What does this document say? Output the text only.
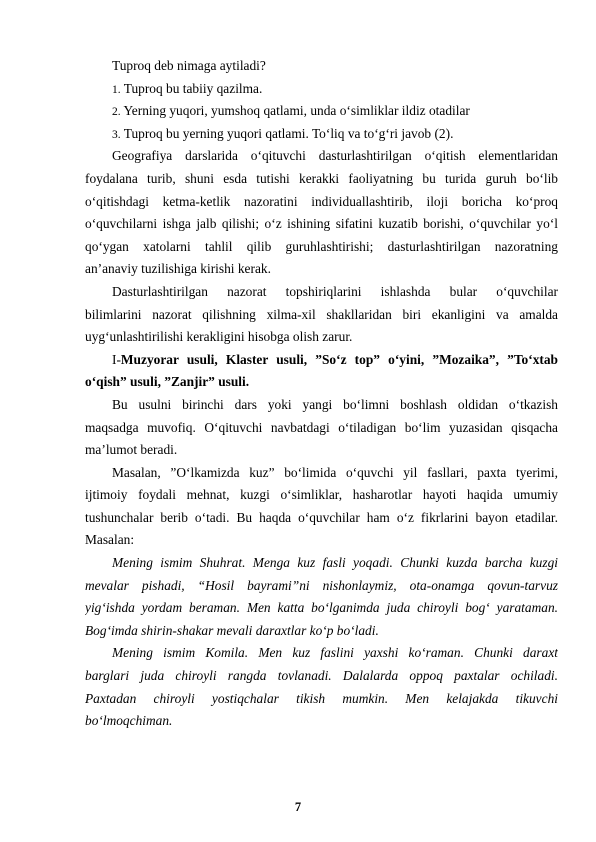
Tuproq deb nimaga aytiladi?
1. Tuproq bu tabiiy qazilma.
2. Yerning yuqori, yumshoq qatlami, unda o‘simliklar ildiz otadilar
3. Tuproq bu yerning yuqori qatlami. To‘liq va to‘g‘ri javob (2).
Geografiya darslarida o‘qituvchi dasturlashtirilgan o‘qitish elementlaridan
foydalana turib, shuni esda tutishi kerakki faoliyatning bu turida guruh bo‘lib
o‘qitishdagi ketma-ketlik nazoratini individuallashtirib, iloji boricha ko‘proq
o‘quvchilarni ishga jalb qilishi; o‘z ishining sifatini kuzatib borishi, o‘quvchilar yo‘l
qo‘ygan xatolarni tahlil qilib guruhlashtirishi; dasturlashtirilgan nazoratning
an’anaviy tuzilishiga kirishi kerak.
Dasturlashtirilgan nazorat topshiriqlarini ishlashda bular o‘quvchilar
bilimlarini nazorat qilishning xilma-xil shakllaridan biri ekanligini va amalda
uyg‘unlashtirilishi kerakligini hisobga olish zarur.
I-Muzyorar usuli, Klaster usuli, ”So‘z top” o‘yini, ”Mozaika”, ”To‘xtab
o‘qish” usuli, ”Zanjir” usuli.
Bu usulni birinchi dars yoki yangi bo‘limni boshlash oldidan o‘tkazish
maqsadga muvofiq. O‘qituvchi navbatdagi o‘tiladigan bo‘lim yuzasidan qisqacha
ma’lumot beradi.
Masalan, ”O‘lkamizda kuz” bo‘limida o‘quvchi yil fasllari, paxta tyerimi,
ijtimoiy foydali mehnat, kuzgi o‘simliklar, hasharotlar hayoti haqida umumiy
tushunchalar berib o‘tadi. Bu haqda o‘quvchilar ham o‘z fikrlarini bayon etadilar.
Masalan:
Mening ismim Shuhrat. Menga kuz fasli yoqadi. Chunki kuzda barcha kuzgi
mevalar pishadi, “Hosil bayrami”ni nishonlaymiz, ota-onamga qovun-tarvuz
yig‘ishda yordam beraman. Men katta bo‘lganimda juda chiroyli bog‘ yarataman.
Bog‘imda shirin-shakar mevali daraxtlar ko‘p bo‘ladi.
Mening ismim Komila. Men kuz faslini yaxshi ko‘raman. Chunki daraxt
barglari juda chiroyli rangda tovlanadi. Dalalarda oppoq paxtalar ochiladi.
Paxtadan chiroyli yostiqchalar tikish mumkin. Men kelajakda tikuvchi
bo‘lmoqchiman.
7
